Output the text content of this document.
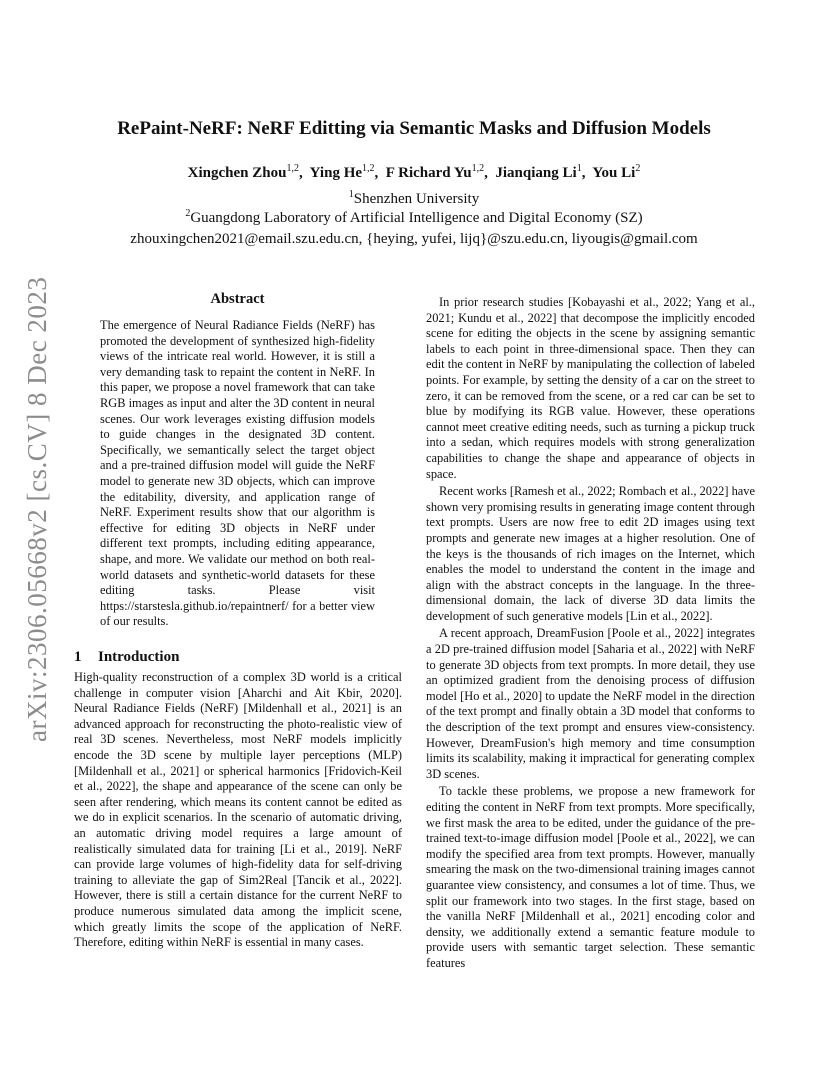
arXiv:2306.05668v2 [cs.CV] 8 Dec 2023
RePaint-NeRF: NeRF Editting via Semantic Masks and Diffusion Models
Xingchen Zhou$^{1,2}$,  Ying He$^{1,2}$,  F Richard Yu$^{1,2}$,  Jianqiang Li$^1$,  You Li$^2$
$^1$Shenzhen University
$^2$Guangdong Laboratory of Artificial Intelligence and Digital Economy (SZ)
zhouxingchen2021@email.szu.edu.cn, {heying, yufei, lijq}@szu.edu.cn, liyougis@gmail.com
Abstract

The emergence of Neural Radiance Fields (NeRF) has promoted the development of synthesized high-fidelity views of the intricate real world. However, it is still a very demanding task to repaint the content in NeRF. In this paper, we propose a novel framework that can take RGB images as input and alter the 3D content in neural scenes. Our work leverages existing diffusion models to guide changes in the designated 3D content. Specifically, we semantically select the target object and a pre-trained diffusion model will guide the NeRF model to generate new 3D objects, which can improve the editability, diversity, and application range of NeRF. Experiment results show that our algorithm is effective for editing 3D objects in NeRF under different text prompts, including editing appearance, shape, and more. We validate our method on both real-world datasets and synthetic-world datasets for these editing tasks. Please visit https://starstesla.github.io/repaintnerf/ for a better view of our results.

1 Introduction

High-quality reconstruction of a complex 3D world is a critical challenge in computer vision [Aharchi and Ait Kbir, 2020]. Neural Radiance Fields (NeRF) [Mildenhall et al., 2021] is an advanced approach for reconstructing the photo-realistic view of real 3D scenes. Nevertheless, most NeRF models implicitly encode the 3D scene by multiple layer perceptions (MLP) [Mildenhall et al., 2021] or spherical harmonics [Fridovich-Keil et al., 2022], the shape and appearance of the scene can only be seen after rendering, which means its content cannot be edited as we do in explicit scenarios. In the scenario of automatic driving, an automatic driving model requires a large amount of realistically simulated data for training [Li et al., 2019]. NeRF can provide large volumes of high-fidelity data for self-driving training to alleviate the gap of Sim2Real [Tancik et al., 2022]. However, there is still a certain distance for the current NeRF to produce numerous simulated data among the implicit scene, which greatly limits the scope of the application of NeRF. Therefore, editing within NeRF is essential in many cases.

In prior research studies [Kobayashi et al., 2022; Yang et al., 2021; Kundu et al., 2022] that decompose the implicitly encoded scene for editing the objects in the scene by assigning semantic labels to each point in three-dimensional space. Then they can edit the content in NeRF by manipulating the collection of labeled points. For example, by setting the density of a car on the street to zero, it can be removed from the scene, or a red car can be set to blue by modifying its RGB value. However, these operations cannot meet creative editing needs, such as turning a pickup truck into a sedan, which requires models with strong generalization capabilities to change the shape and appearance of objects in space.

Recent works [Ramesh et al., 2022; Rombach et al., 2022] have shown very promising results in generating image content through text prompts. Users are now free to edit 2D images using text prompts and generate new images at a higher resolution. One of the keys is the thousands of rich images on the Internet, which enables the model to understand the content in the image and align with the abstract concepts in the language. In the three-dimensional domain, the lack of diverse 3D data limits the development of such generative models [Lin et al., 2022].

A recent approach, DreamFusion [Poole et al., 2022] integrates a 2D pre-trained diffusion model [Saharia et al., 2022] with NeRF to generate 3D objects from text prompts. In more detail, they use an optimized gradient from the denoising process of diffusion model [Ho et al., 2020] to update the NeRF model in the direction of the text prompt and finally obtain a 3D model that conforms to the description of the text prompt and ensures view-consistency. However, DreamFusion's high memory and time consumption limits its scalability, making it impractical for generating complex 3D scenes.

To tackle these problems, we propose a new framework for editing the content in NeRF from text prompts. More specifically, we first mask the area to be edited, under the guidance of the pre-trained text-to-image diffusion model [Poole et al., 2022], we can modify the specified area from text prompts. However, manually smearing the mask on the two-dimensional training images cannot guarantee view consistency, and consumes a lot of time. Thus, we split our framework into two stages. In the first stage, based on the vanilla NeRF [Mildenhall et al., 2021] encoding color and density, we additionally extend a semantic feature module to provide users with semantic target selection. These semantic features
